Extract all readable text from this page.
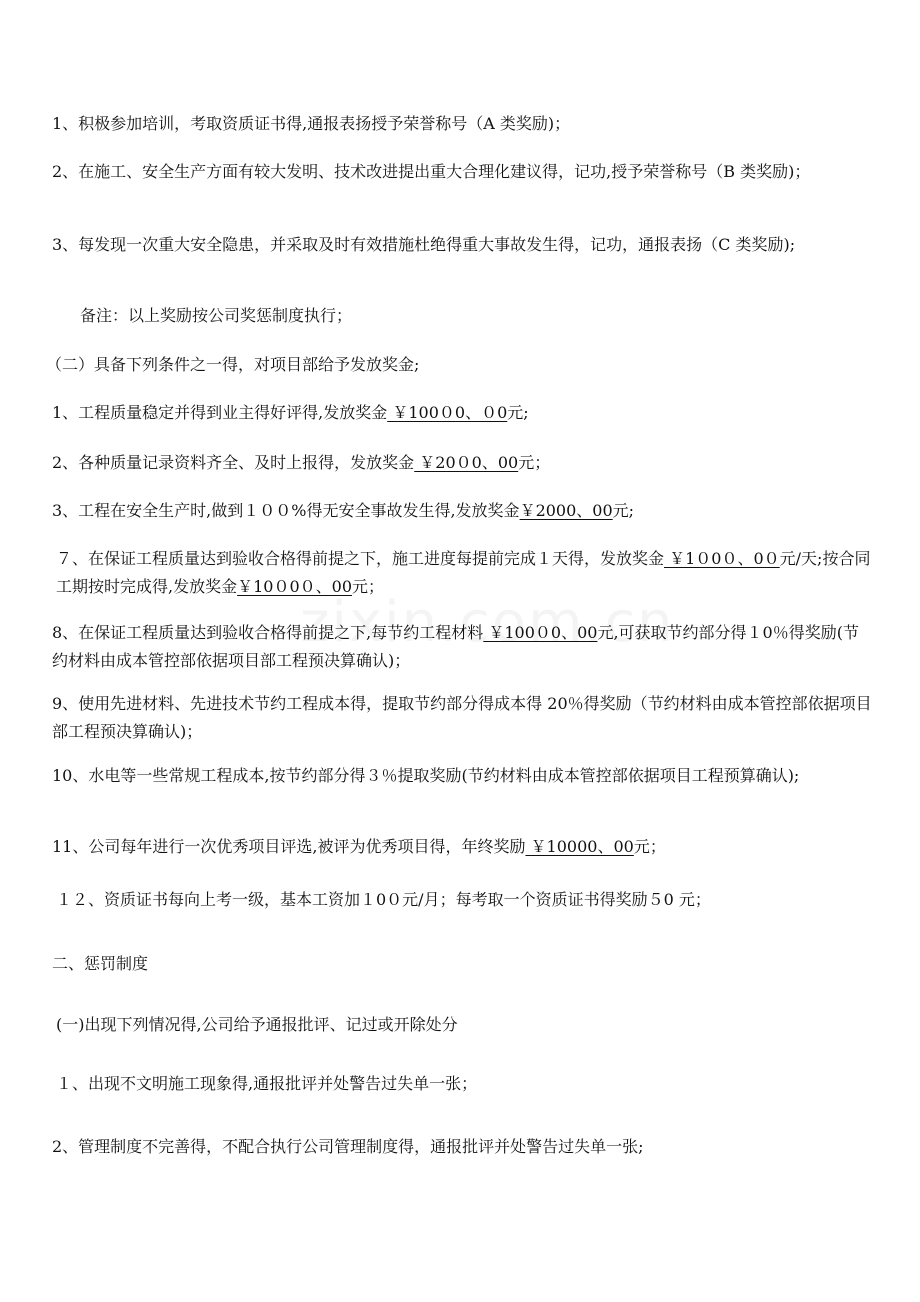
1、积极参加培训，考取资质证书得,通报表扬授予荣誉称号（A 类奖励)；

2、在施工、安全生产方面有较大发明、技术改进提出重大合理化建议得，记功,授予荣誉称号（B 类奖励)；

3、每发现一次重大安全隐患，并采取及时有效措施杜绝得重大事故发生得，记功，通报表扬（C 类奖励);

备注：以上奖励按公司奖惩制度执行；

（二）具备下列条件之一得，对项目部给予发放奖金;

1、工程质量稳定并得到业主得好评得,发放奖金 ￥100０0、０0元;

2、各种质量记录资料齐全、及时上报得，发放奖金 ￥20０0、00元；

3、工程在安全生产时,做到１００%得无安全事故发生得,发放奖金￥2000、00元;

７、在保证工程质量达到验收合格得前提之下，施工进度每提前完成１天得，发放奖金 ￥1０0０、0０元/天;按合同工期按时完成得,发放奖金￥10０0０、00元；

8、在保证工程质量达到验收合格得前提之下,每节约工程材料 ￥100０0、00元,可获取节约部分得１0％得奖励(节约材料由成本管控部依据项目部工程预决算确认)；

9、使用先进材料、先进技术节约工程成本得，提取节约部分得成本得 20％得奖励（节约材料由成本管控部依据项目部工程预决算确认)；

10、水电等一些常规工程成本,按节约部分得３％提取奖励(节约材料由成本管控部依据项目工程预算确认);

11、公司每年进行一次优秀项目评选,被评为优秀项目得，年终奖励 ￥10000、00元；

１２、资质证书每向上考一级，基本工资加１0０元/月；每考取一个资质证书得奖励５0 元；

二、惩罚制度

(一)出现下列情况得,公司给予通报批评、记过或开除处分

１、出现不文明施工现象得,通报批评并处警告过失单一张；

2、管理制度不完善得，不配合执行公司管理制度得，通报批评并处警告过失单一张;
